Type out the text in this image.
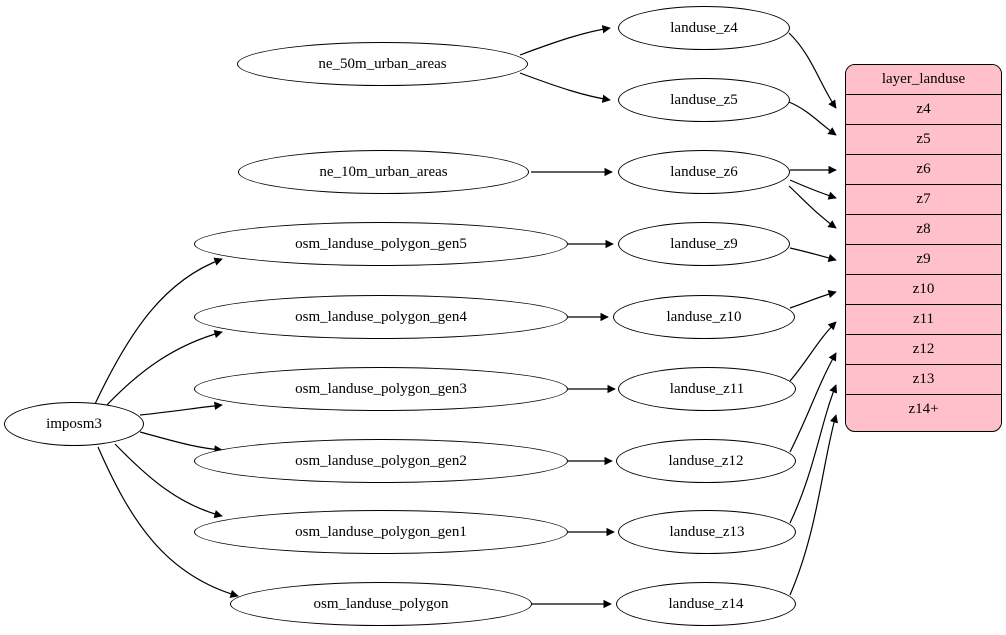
imposm3
ne_50m_urban_areas
ne_10m_urban_areas
osm_landuse_polygon_gen5
osm_landuse_polygon_gen4
osm_landuse_polygon_gen3
osm_landuse_polygon_gen2
osm_landuse_polygon_gen1
osm_landuse_polygon
landuse_z4
landuse_z5
landuse_z6
landuse_z9
landuse_z10
landuse_z11
landuse_z12
landuse_z13
landuse_z14
layer_landuse
z4
z5
z6
z7
z8
z9
z10
z11
z12
z13
z14+
